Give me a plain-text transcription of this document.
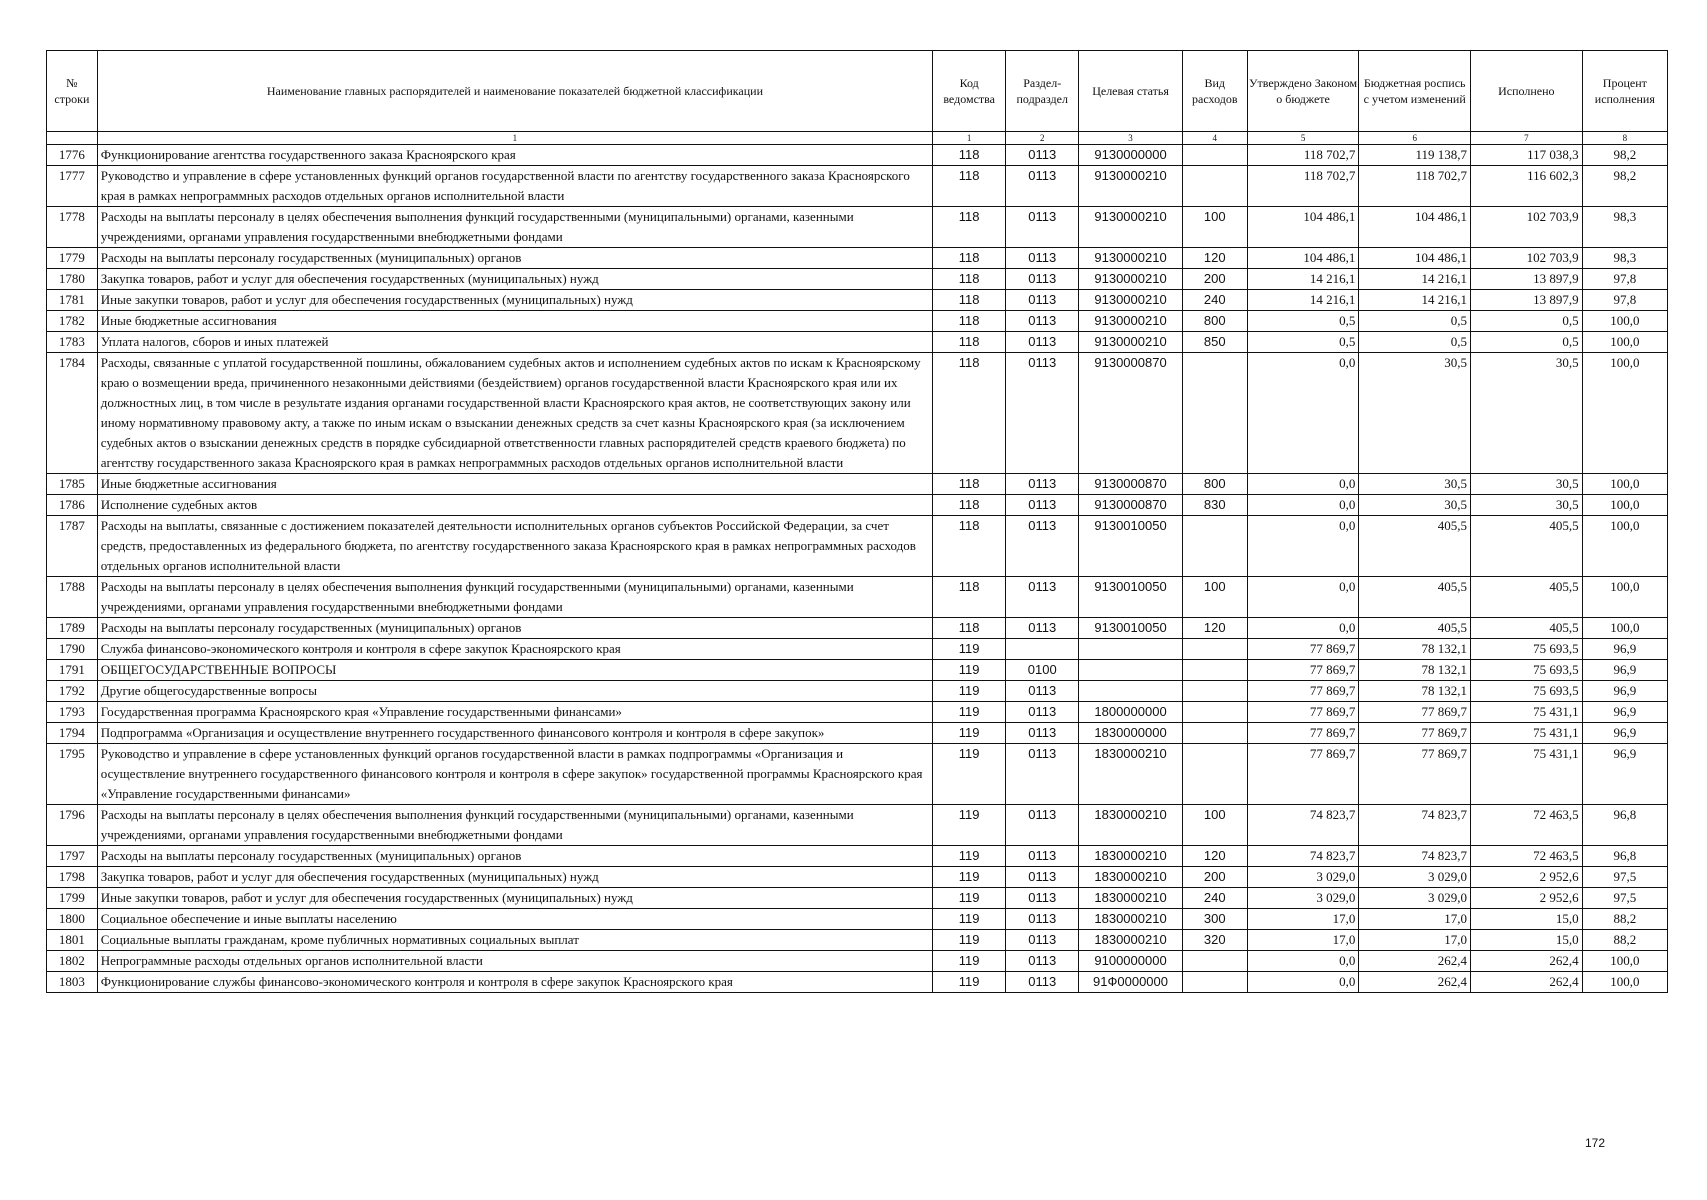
№ строки	Наименование главных распорядителей и наименование показателей бюджетной классификации	Код ведомства	Раздел-подраздел	Целевая статья	Вид расходов	Утверждено Законом о бюджете	Бюджетная роспись с учетом изменений	Исполнено	Процент исполнения
	1	1	2	3	4	5	6	7	8
1776	Функционирование агентства государственного заказа Красноярского края	118	0113	9130000000		118 702,7	119 138,7	117 038,3	98,2
1777	Руководство и управление в сфере установленных функций органов государственной власти по агентству государственного заказа Красноярского края в рамках непрограммных расходов отдельных органов исполнительной власти	118	0113	9130000210		118 702,7	118 702,7	116 602,3	98,2
1778	Расходы на выплаты персоналу в целях обеспечения выполнения функций государственными (муниципальными) органами, казенными учреждениями, органами управления государственными внебюджетными фондами	118	0113	9130000210	100	104 486,1	104 486,1	102 703,9	98,3
1779	Расходы на выплаты персоналу государственных (муниципальных) органов	118	0113	9130000210	120	104 486,1	104 486,1	102 703,9	98,3
1780	Закупка товаров, работ и услуг для обеспечения государственных (муниципальных) нужд	118	0113	9130000210	200	14 216,1	14 216,1	13 897,9	97,8
1781	Иные закупки товаров, работ и услуг для обеспечения государственных (муниципальных) нужд	118	0113	9130000210	240	14 216,1	14 216,1	13 897,9	97,8
1782	Иные бюджетные ассигнования	118	0113	9130000210	800	0,5	0,5	0,5	100,0
1783	Уплата налогов, сборов и иных платежей	118	0113	9130000210	850	0,5	0,5	0,5	100,0
1784	Расходы, связанные с уплатой государственной пошлины, обжалованием судебных актов и исполнением судебных актов по искам к Красноярскому краю о возмещении вреда, причиненного незаконными действиями (бездействием) органов государственной власти Красноярского края или их должностных лиц, в том числе в результате издания органами государственной власти Красноярского края актов, не соответствующих закону или иному нормативному правовому акту, а также по иным искам о взыскании денежных средств за счет казны Красноярского края (за исключением судебных актов о взыскании денежных средств в порядке субсидиарной ответственности главных распорядителей средств краевого бюджета) по агентству государственного заказа Красноярского края в рамках непрограммных расходов отдельных органов исполнительной власти	118	0113	9130000870		0,0	30,5	30,5	100,0
1785	Иные бюджетные ассигнования	118	0113	9130000870	800	0,0	30,5	30,5	100,0
1786	Исполнение судебных актов	118	0113	9130000870	830	0,0	30,5	30,5	100,0
1787	Расходы на выплаты, связанные с достижением показателей деятельности исполнительных органов субъектов Российской Федерации, за счет средств, предоставленных из федерального бюджета, по агентству государственного заказа Красноярского края в рамках непрограммных расходов отдельных органов исполнительной власти	118	0113	9130010050		0,0	405,5	405,5	100,0
1788	Расходы на выплаты персоналу в целях обеспечения выполнения функций государственными (муниципальными) органами, казенными учреждениями, органами управления государственными внебюджетными фондами	118	0113	9130010050	100	0,0	405,5	405,5	100,0
1789	Расходы на выплаты персоналу государственных (муниципальных) органов	118	0113	9130010050	120	0,0	405,5	405,5	100,0
1790	Служба финансово-экономического контроля и контроля в сфере закупок Красноярского края	119				77 869,7	78 132,1	75 693,5	96,9
1791	ОБЩЕГОСУДАРСТВЕННЫЕ ВОПРОСЫ	119	0100			77 869,7	78 132,1	75 693,5	96,9
1792	Другие общегосударственные вопросы	119	0113			77 869,7	78 132,1	75 693,5	96,9
1793	Государственная программа Красноярского края «Управление государственными финансами»	119	0113	1800000000		77 869,7	77 869,7	75 431,1	96,9
1794	Подпрограмма «Организация и осуществление внутреннего государственного финансового контроля и контроля в сфере закупок»	119	0113	1830000000		77 869,7	77 869,7	75 431,1	96,9
1795	Руководство и управление в сфере установленных функций органов государственной власти в рамках подпрограммы «Организация и осуществление внутреннего государственного финансового контроля и контроля в сфере закупок» государственной программы Красноярского края «Управление государственными финансами»	119	0113	1830000210		77 869,7	77 869,7	75 431,1	96,9
1796	Расходы на выплаты персоналу в целях обеспечения выполнения функций государственными (муниципальными) органами, казенными учреждениями, органами управления государственными внебюджетными фондами	119	0113	1830000210	100	74 823,7	74 823,7	72 463,5	96,8
1797	Расходы на выплаты персоналу государственных (муниципальных) органов	119	0113	1830000210	120	74 823,7	74 823,7	72 463,5	96,8
1798	Закупка товаров, работ и услуг для обеспечения государственных (муниципальных) нужд	119	0113	1830000210	200	3 029,0	3 029,0	2 952,6	97,5
1799	Иные закупки товаров, работ и услуг для обеспечения государственных (муниципальных) нужд	119	0113	1830000210	240	3 029,0	3 029,0	2 952,6	97,5
1800	Социальное обеспечение и иные выплаты населению	119	0113	1830000210	300	17,0	17,0	15,0	88,2
1801	Социальные выплаты гражданам, кроме публичных нормативных социальных выплат	119	0113	1830000210	320	17,0	17,0	15,0	88,2
1802	Непрограммные расходы отдельных органов исполнительной власти	119	0113	9100000000		0,0	262,4	262,4	100,0
1803	Функционирование службы финансово-экономического контроля и контроля в сфере закупок Красноярского края	119	0113	91Ф0000000		0,0	262,4	262,4	100,0
172
